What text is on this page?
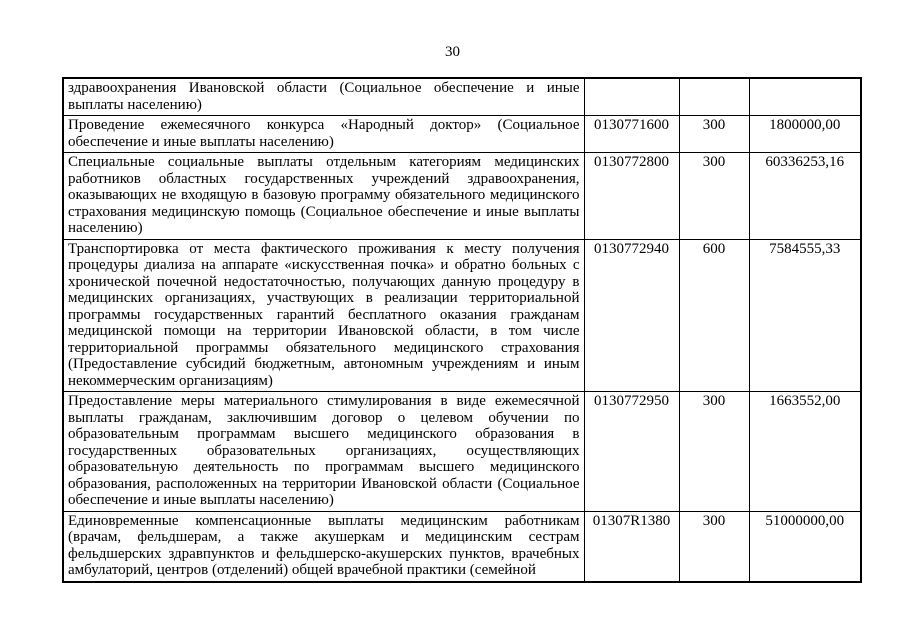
30
здравоохранения Ивановской области (Социальное обеспечение и иные выплаты населению)			
Проведение ежемесячного конкурса «Народный доктор» (Социальное обеспечение и иные выплаты населению)	0130771600	300	1800000,00
Специальные социальные выплаты отдельным категориям медицинских работников областных государственных учреждений здравоохранения, оказывающих не входящую в базовую программу обязательного медицинского страхования медицинскую помощь (Социальное обеспечение и иные выплаты населению)	0130772800	300	60336253,16
Транспортировка от места фактического проживания к месту получения процедуры диализа на аппарате «искусственная почка» и обратно больных с хронической почечной недостаточностью, получающих данную процедуру в медицинских организациях, участвующих в реализации территориальной программы государственных гарантий бесплатного оказания гражданам медицинской помощи на территории Ивановской области, в том числе территориальной программы обязательного медицинского страхования (Предоставление субсидий бюджетным, автономным учреждениям и иным некоммерческим организациям)	0130772940	600	7584555,33
Предоставление меры материального стимулирования в виде ежемесячной выплаты гражданам, заключившим договор о целевом обучении по образовательным программам высшего медицинского образования в государственных образовательных организациях, осуществляющих образовательную деятельность по программам высшего медицинского образования, расположенных на территории Ивановской области (Социальное обеспечение и иные выплаты населению)	0130772950	300	1663552,00
Единовременные компенсационные выплаты медицинским работникам (врачам, фельдшерам, а также акушеркам и медицинским сестрам фельдшерских здравпунктов и фельдшерско-акушерских пунктов, врачебных амбулаторий, центров (отделений) общей врачебной практики (семейной	01307R1380	300	51000000,00
